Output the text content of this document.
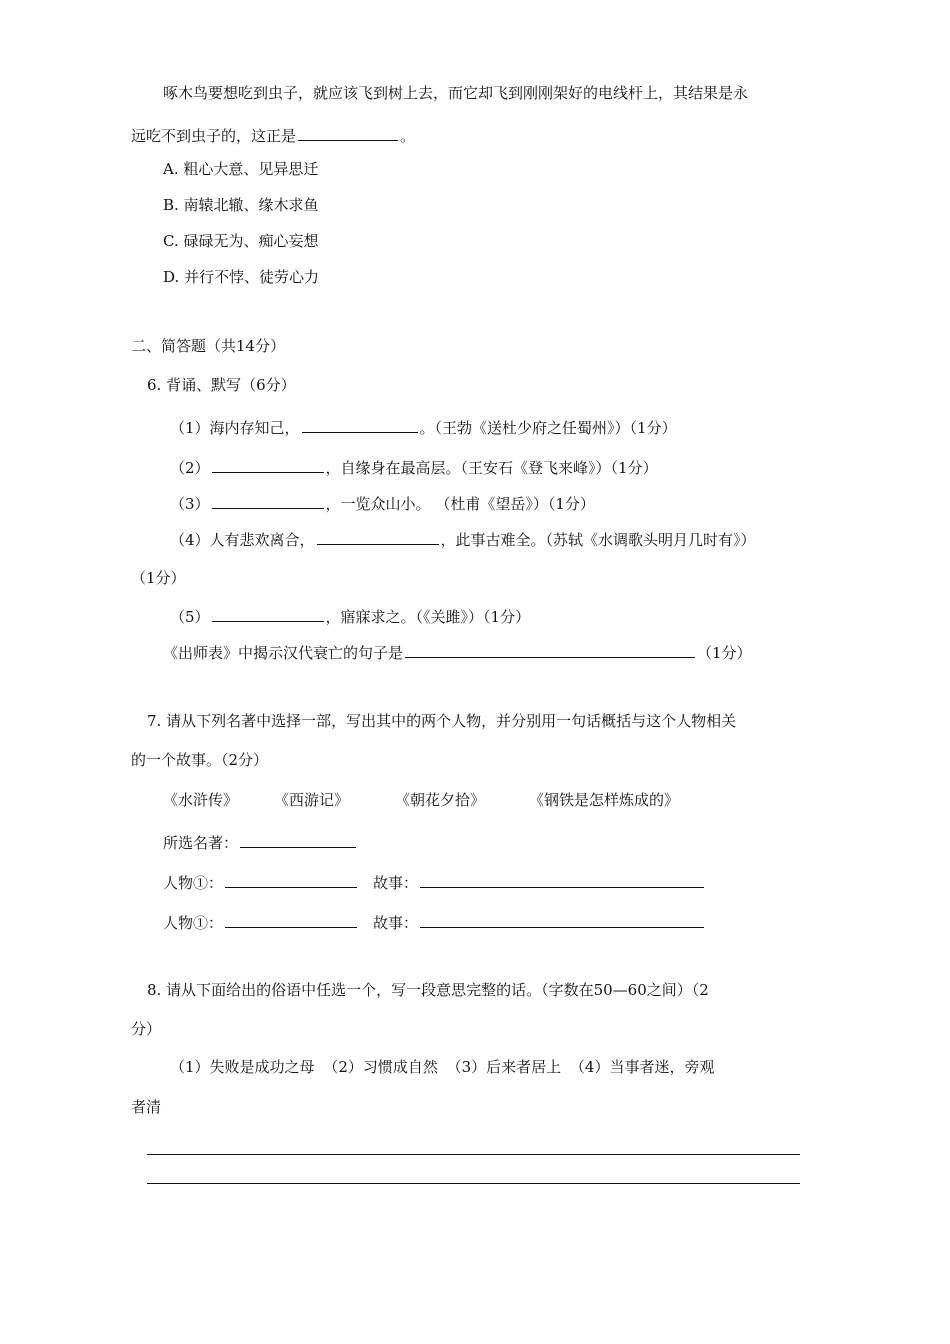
啄木鸟要想吃到虫子，就应该飞到树上去，而它却飞到刚刚架好的电线杆上，其结果是永
远吃不到虫子的，这正是	。
A. 粗心大意、见异思迁
B. 南辕北辙、缘木求鱼
C. 碌碌无为、痴心妄想
D. 并行不悖、徒劳心力
二、简答题（共14分）
6. 背诵、默写（6分）
（1）海内存知己，	。（王勃《送杜少府之任蜀州》）（1分）
（2）	，自缘身在最高层。（王安石《登飞来峰》）（1分）
（3）	，一览众山小。 （杜甫《望岳》）（1分）
（4）人有悲欢离合，	，此事古难全。（苏轼《水调歌头明月几时有》）
（1分）
（5）	，寤寐求之。（《关雎》）（1分）
《出师表》中揭示汉代衰亡的句子是	（1分）
7. 请从下列名著中选择一部，写出其中的两个人物，并分别用一句话概括与这个人物相关
的一个故事。（2分）
《水浒传》 《西游记》	《朝花夕拾》	《钢铁是怎样炼成的》
所选名著：
人物①：	故事：
人物①：	故事：
8. 请从下面给出的俗语中任选一个，写一段意思完整的话。（字数在50—60之间）（2
分）
（1）失败是成功之母 （2）习惯成自然 （3）后来者居上 （4）当事者迷，旁观
者清
